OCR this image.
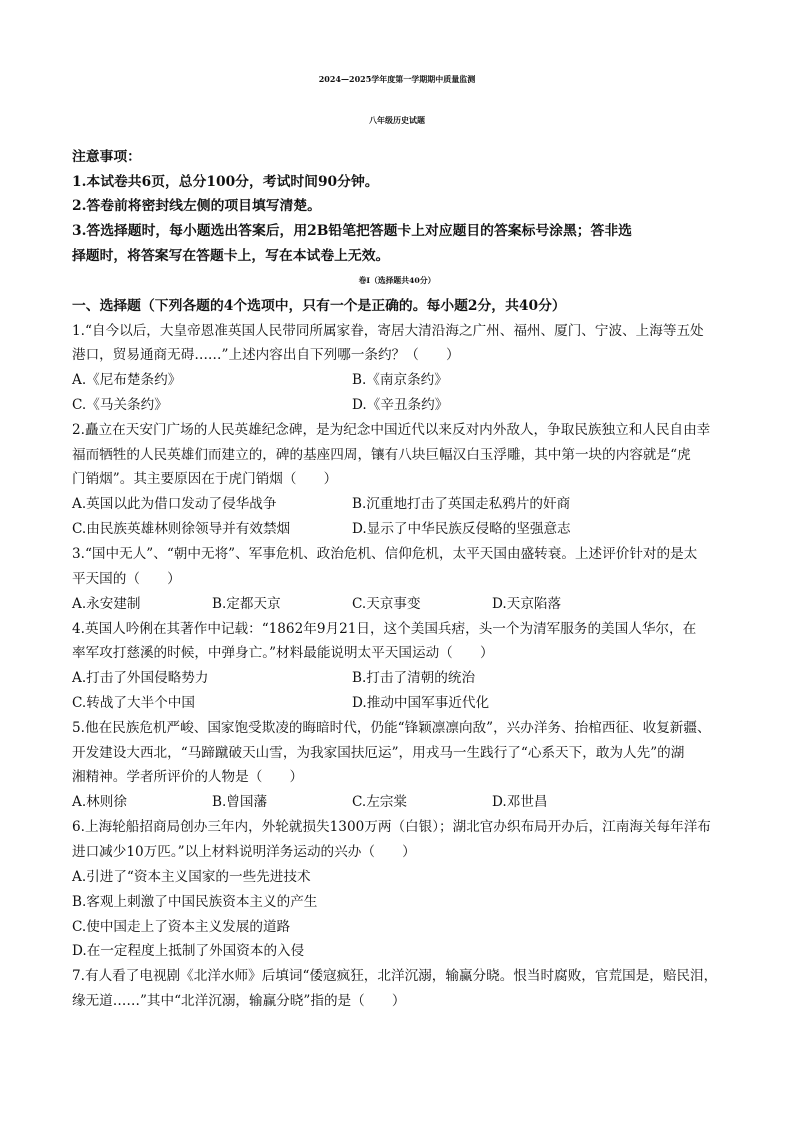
2024—2025学年度第一学期期中质量监测
八年级历史试题
注意事项：
1.本试卷共6页，总分100分，考试时间90分钟。
2.答卷前将密封线左侧的项目填写清楚。
3.答选择题时，每小题选出答案后，用2B铅笔把答题卡上对应题目的答案标号涂黑；答非选
择题时，将答案写在答题卡上，写在本试卷上无效。
卷Ⅰ（选择题共40分）
一、选择题（下列各题的4个选项中，只有一个是正确的。每小题2分，共40分）
1.“自今以后，大皇帝恩准英国人民带同所属家眷，寄居大清沿海之广州、福州、厦门、宁波、上海等五处
港口，贸易通商无碍……”上述内容出自下列哪一条约？（　　）
A.《尼布楚条约》	B.《南京条约》
C.《马关条约》	D.《辛丑条约》
2.矗立在天安门广场的人民英雄纪念碑，是为纪念中国近代以来反对内外敌人，争取民族独立和人民自由幸
福而牺牲的人民英雄们而建立的，碑的基座四周，镶有八块巨幅汉白玉浮雕，其中第一块的内容就是“虎
门销烟”。其主要原因在于虎门销烟（　　）
A.英国以此为借口发动了侵华战争	B.沉重地打击了英国走私鸦片的奸商
C.由民族英雄林则徐领导并有效禁烟	D.显示了中华民族反侵略的坚强意志
3.“国中无人”、“朝中无将”、军事危机、政治危机、信仰危机，太平天国由盛转衰。上述评价针对的是太
平天国的（　　）
A.永安建制	B.定都天京	C.天京事变	D.天京陷落
4.英国人吟俐在其著作中记载：“1862年9月21日，这个美国兵痞，头一个为清军服务的美国人华尔，在
率军攻打慈溪的时候，中弹身亡。”材料最能说明太平天国运动（　　）
A.打击了外国侵略势力	B.打击了清朝的统治
C.转战了大半个中国	D.推动中国军事近代化
5.他在民族危机严峻、国家饱受欺凌的晦暗时代，仍能“锋颖凛凛向敌”，兴办洋务、抬棺西征、收复新疆、
开发建设大西北，“马蹄蹴破天山雪，为我家国扶厄运”，用戎马一生践行了“心系天下，敢为人先”的湖
湘精神。学者所评价的人物是（　　）
A.林则徐	B.曾国藩	C.左宗棠	D.邓世昌
6.上海轮船招商局创办三年内，外轮就损失1300万两（白银）；湖北官办织布局开办后，江南海关每年洋布
进口减少10万匹。”以上材料说明洋务运动的兴办（　　）
A.引进了“资本主义国家的一些先进技术
B.客观上刺激了中国民族资本主义的产生
C.使中国走上了资本主义发展的道路
D.在一定程度上抵制了外国资本的入侵
7.有人看了电视剧《北洋水师》后填词“倭寇疯狂，北洋沉溺，输赢分晓。恨当时腐败，官荒国是，赔民泪，
缘无道……”其中“北洋沉溺，输赢分晓”指的是（　　）
